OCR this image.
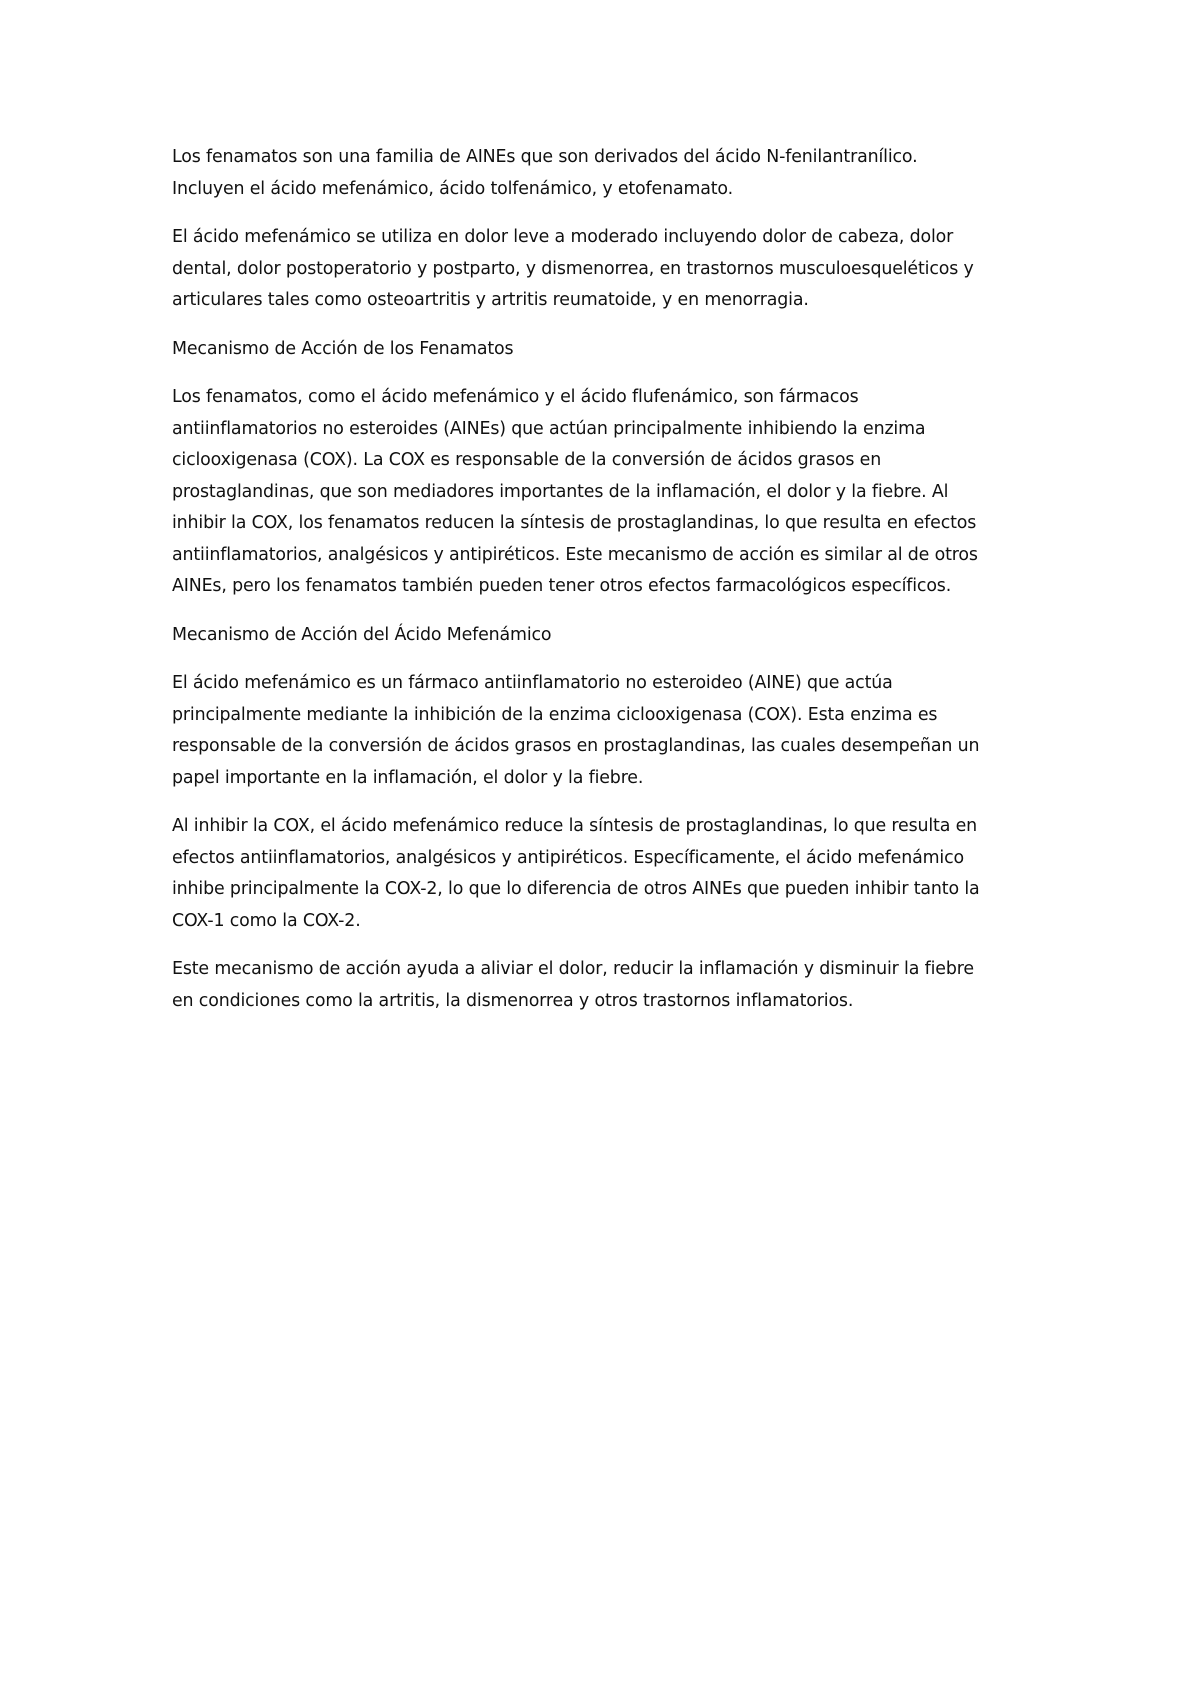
Los fenamatos son una familia de AINEs que son derivados del ácido N-fenilantranílico.
Incluyen el ácido mefenámico, ácido tolfenámico, y etofenamato.

El ácido mefenámico se utiliza en dolor leve a moderado incluyendo dolor de cabeza, dolor
dental, dolor postoperatorio y postparto, y dismenorrea, en trastornos musculoesqueléticos y
articulares tales como osteoartritis y artritis reumatoide, y en menorragia.

Mecanismo de Acción de los Fenamatos

Los fenamatos, como el ácido mefenámico y el ácido flufenámico, son fármacos
antiinflamatorios no esteroides (AINEs) que actúan principalmente inhibiendo la enzima
ciclooxigenasa (COX). La COX es responsable de la conversión de ácidos grasos en
prostaglandinas, que son mediadores importantes de la inflamación, el dolor y la fiebre. Al
inhibir la COX, los fenamatos reducen la síntesis de prostaglandinas, lo que resulta en efectos
antiinflamatorios, analgésicos y antipiréticos. Este mecanismo de acción es similar al de otros
AINEs, pero los fenamatos también pueden tener otros efectos farmacológicos específicos.

Mecanismo de Acción del Ácido Mefenámico

El ácido mefenámico es un fármaco antiinflamatorio no esteroideo (AINE) que actúa
principalmente mediante la inhibición de la enzima ciclooxigenasa (COX). Esta enzima es
responsable de la conversión de ácidos grasos en prostaglandinas, las cuales desempeñan un
papel importante en la inflamación, el dolor y la fiebre.

Al inhibir la COX, el ácido mefenámico reduce la síntesis de prostaglandinas, lo que resulta en
efectos antiinflamatorios, analgésicos y antipiréticos. Específicamente, el ácido mefenámico
inhibe principalmente la COX-2, lo que lo diferencia de otros AINEs que pueden inhibir tanto la
COX-1 como la COX-2.

Este mecanismo de acción ayuda a aliviar el dolor, reducir la inflamación y disminuir la fiebre
en condiciones como la artritis, la dismenorrea y otros trastornos inflamatorios.
